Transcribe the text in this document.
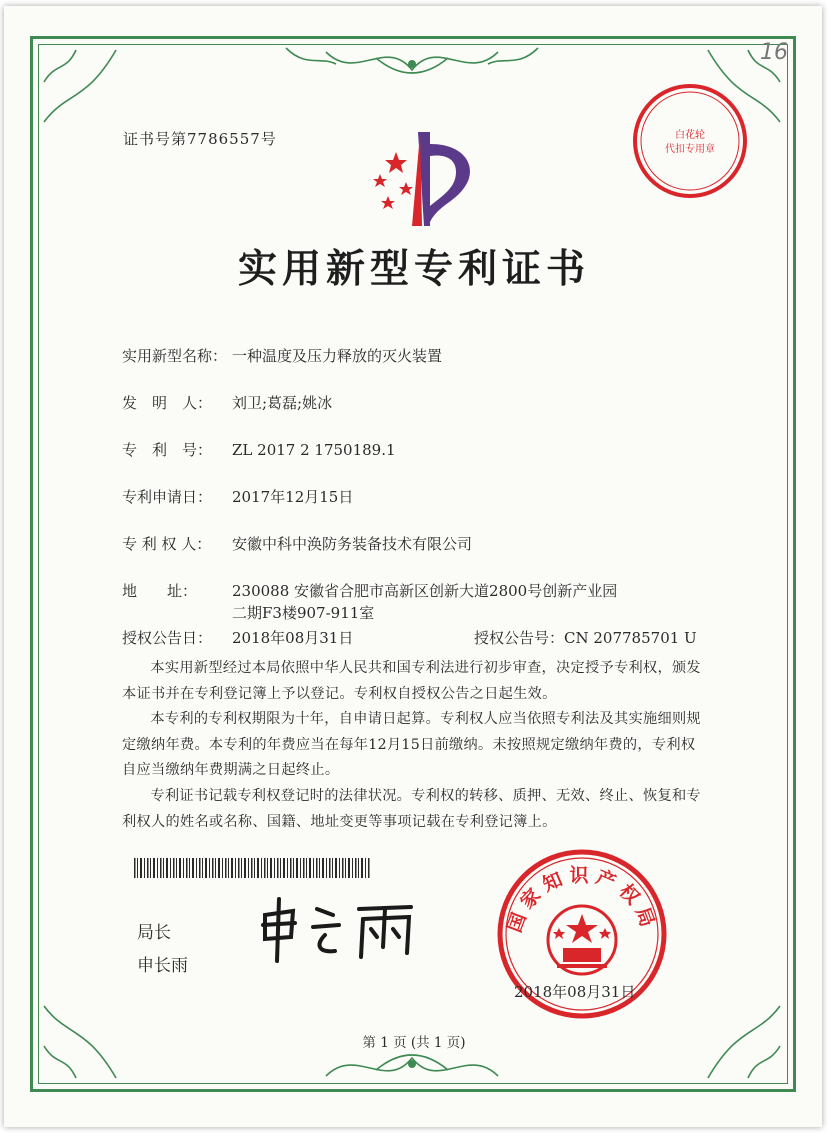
16
证书号第7786557号	白花轮
代扣专用章
实用新型专利证书
实用新型名称： 一种温度及压力释放的灭火装置
发　明　人： 刘卫;葛磊;姚冰
专　利　号： ZL 2017 2 1750189.1
专利申请日： 2017年12月15日
专 利 权 人： 安徽中科中涣防务装备技术有限公司
地　　址： 230088 安徽省合肥市高新区创新大道2800号创新产业园
二期F3楼907-911室
授权公告日： 2018年08月31日	授权公告号：CN 207785701 U
本实用新型经过本局依照中华人民共和国专利法进行初步审查，决定授予专利权，颁发本证书并在专利登记簿上予以登记。专利权自授权公告之日起生效。
本专利的专利权期限为十年，自申请日起算。专利权人应当依照专利法及其实施细则规定缴纳年费。本专利的年费应当在每年12月15日前缴纳。未按照规定缴纳年费的，专利权自应当缴纳年费期满之日起终止。
专利证书记载专利权登记时的法律状况。专利权的转移、质押、无效、终止、恢复和专利权人的姓名或名称、国籍、地址变更等事项记载在专利登记簿上。
局长
申长雨
国家知识产权局
2018年08月31日
第 1 页 (共 1 页)
